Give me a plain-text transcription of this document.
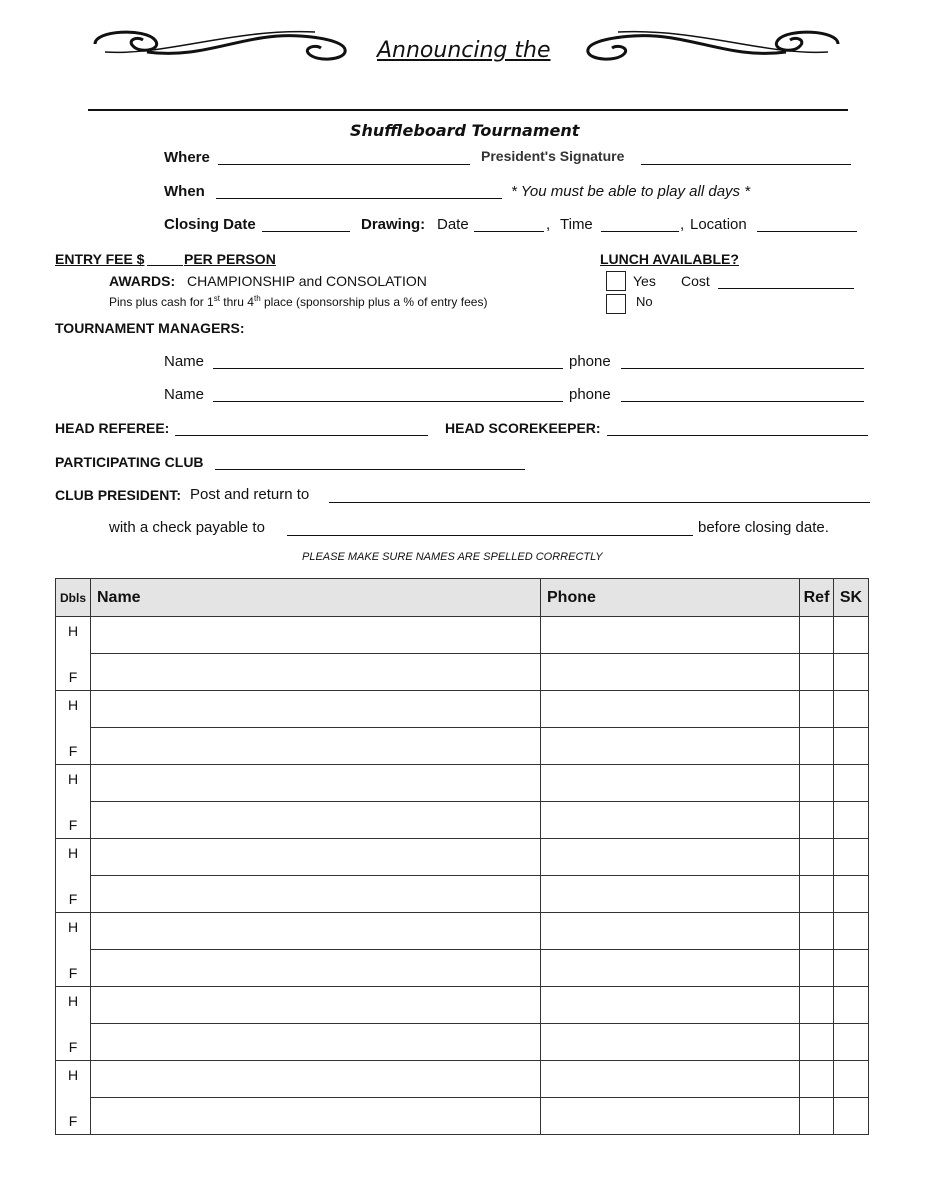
Announcing the
Shuffleboard Tournament
Where	President's Signature
When	* You must be able to play all days *
Closing Date	Drawing: Date	, Time	, Location
ENTRY FEE $	PER PERSON
AWARDS: CHAMPIONSHIP and CONSOLATION
Pins plus cash for 1st thru 4th place (sponsorship plus a % of entry fees)
LUNCH AVAILABLE?
Yes Cost
No
TOURNAMENT MANAGERS:
Name	phone
Name	phone
HEAD REFEREE:	HEAD SCOREKEEPER:
PARTICIPATING CLUB
CLUB PRESIDENT: Post and return to
with a check payable to	before closing date.
PLEASE MAKE SURE NAMES ARE SPELLED CORRECTLY
Dbls	Name	Phone	Ref	SK

H
F				

H
F				

H
F				

H
F				

H
F				

H
F				

H
F				
